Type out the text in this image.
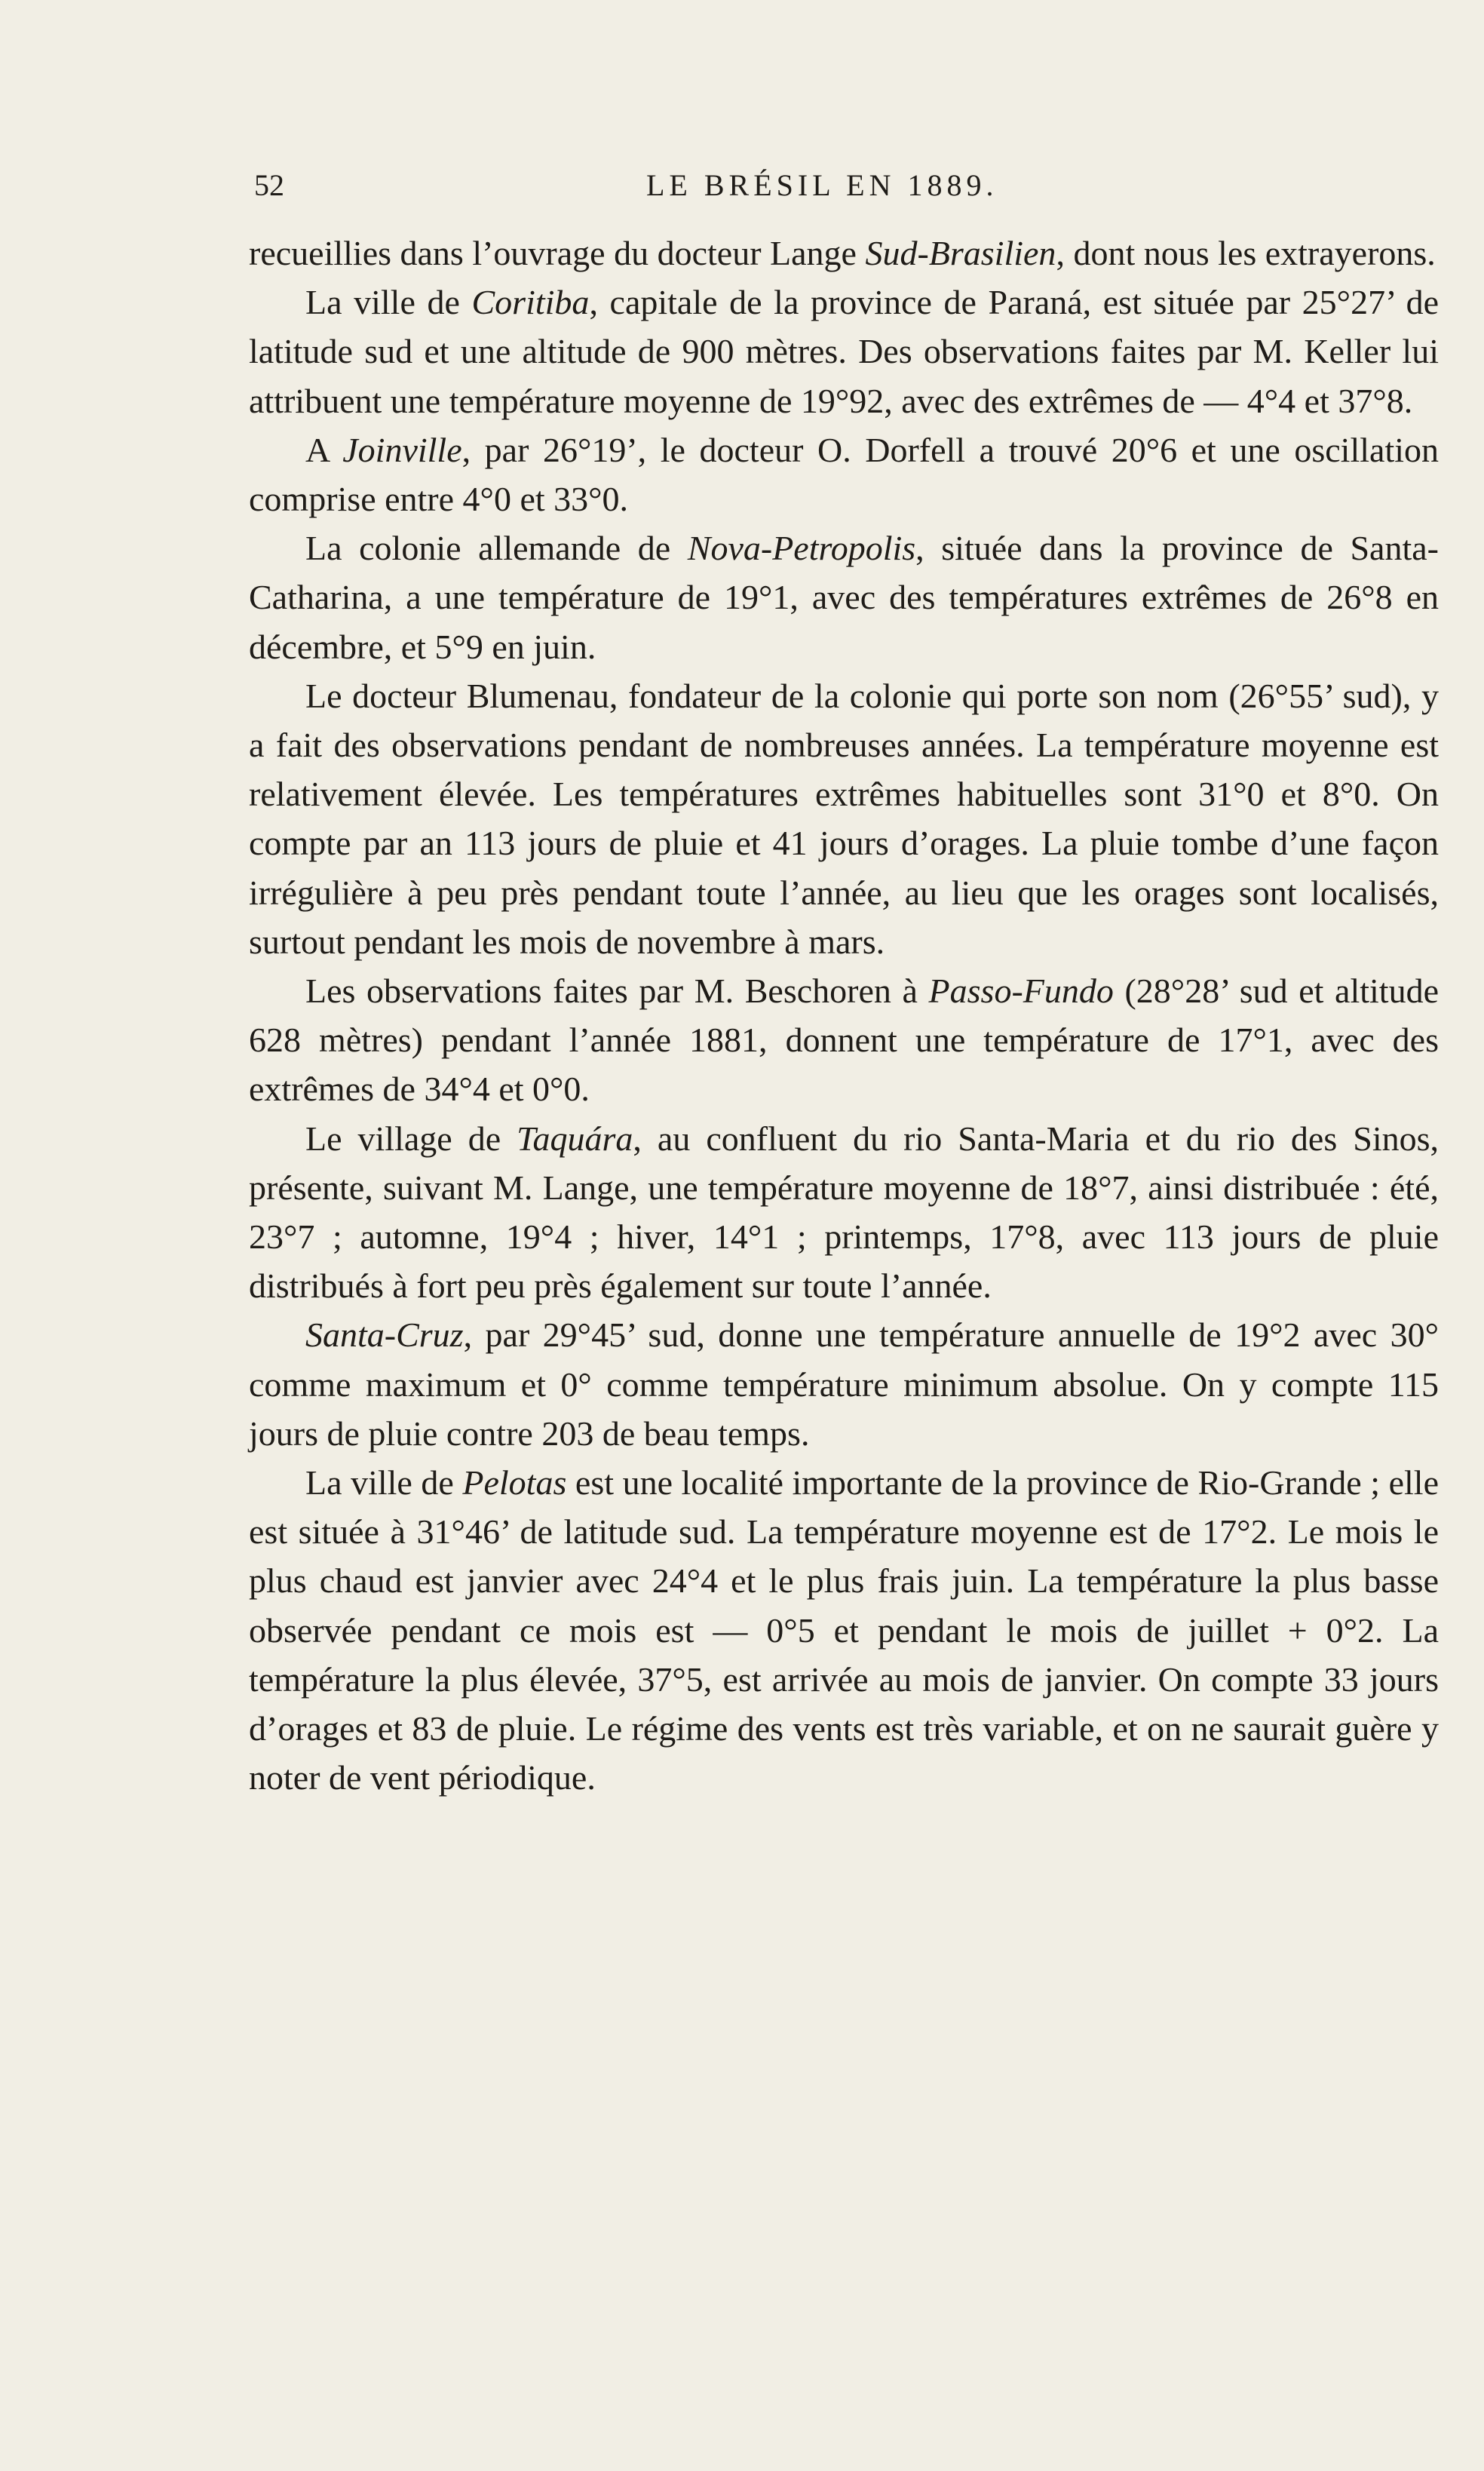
52	LE BRÉSIL EN 1889.

recueillies dans l’ouvrage du docteur Lange Sud-Brasilien, dont nous les extrayerons.

La ville de Coritiba, capitale de la province de Paraná, est située par 25°27’ de latitude sud et une altitude de 900 mètres. Des observations faites par M. Keller lui attribuent une température moyenne de 19°92, avec des extrêmes de — 4°4 et 37°8.

A Joinville, par 26°19’, le docteur O. Dorfell a trouvé 20°6 et une oscillation comprise entre 4°0 et 33°0.

La colonie allemande de Nova-Petropolis, située dans la province de Santa-Catharina, a une température de 19°1, avec des températures extrêmes de 26°8 en décembre, et 5°9 en juin.

Le docteur Blumenau, fondateur de la colonie qui porte son nom (26°55’ sud), y a fait des observations pendant de nombreuses années. La température moyenne est relativement élevée. Les températures extrêmes habituelles sont 31°0 et 8°0. On compte par an 113 jours de pluie et 41 jours d’orages. La pluie tombe d’une façon irrégulière à peu près pendant toute l’année, au lieu que les orages sont localisés, surtout pendant les mois de novembre à mars.

Les observations faites par M. Beschoren à Passo-Fundo (28°28’ sud et altitude 628 mètres) pendant l’année 1881, donnent une température de 17°1, avec des extrêmes de 34°4 et 0°0.

Le village de Taquára, au confluent du rio Santa-Maria et du rio des Sinos, présente, suivant M. Lange, une température moyenne de 18°7, ainsi distribuée : été, 23°7 ; automne, 19°4 ; hiver, 14°1 ; printemps, 17°8, avec 113 jours de pluie distribués à fort peu près également sur toute l’année.

Santa-Cruz, par 29°45’ sud, donne une température annuelle de 19°2 avec 30° comme maximum et 0° comme température minimum absolue. On y compte 115 jours de pluie contre 203 de beau temps.

La ville de Pelotas est une localité importante de la province de Rio-Grande ; elle est située à 31°46’ de latitude sud. La température moyenne est de 17°2. Le mois le plus chaud est janvier avec 24°4 et le plus frais juin. La température la plus basse observée pendant ce mois est — 0°5 et pendant le mois de juillet + 0°2. La température la plus élevée, 37°5, est arrivée au mois de janvier. On compte 33 jours d’orages et 83 de pluie. Le régime des vents est très variable, et on ne saurait guère y noter de vent périodique.
